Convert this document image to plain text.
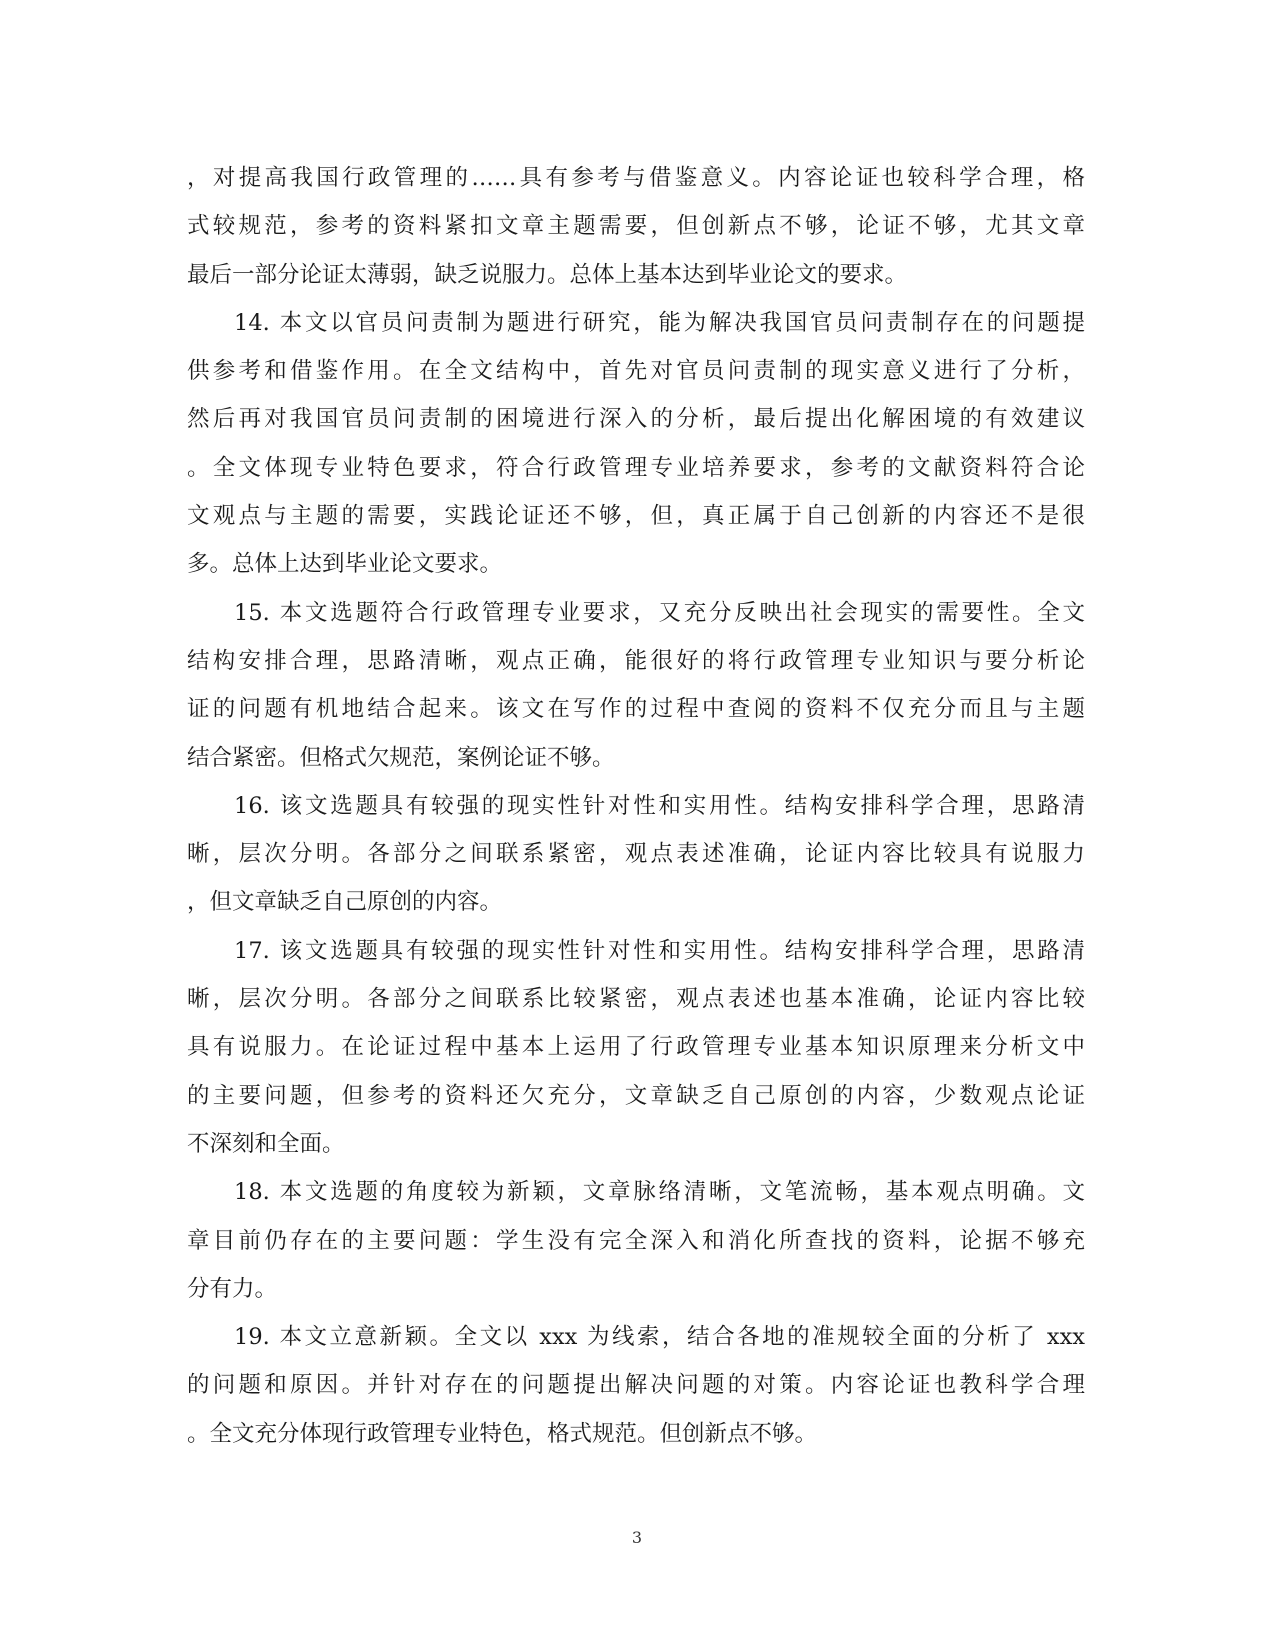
，对提高我国行政管理的……具有参考与借鉴意义。内容论证也较科学合理，格
式较规范，参考的资料紧扣文章主题需要，但创新点不够，论证不够，尤其文章
最后一部分论证太薄弱，缺乏说服力。总体上基本达到毕业论文的要求。
14. 本文以官员问责制为题进行研究，能为解决我国官员问责制存在的问题提
供参考和借鉴作用。在全文结构中，首先对官员问责制的现实意义进行了分析，
然后再对我国官员问责制的困境进行深入的分析，最后提出化解困境的有效建议
。全文体现专业特色要求，符合行政管理专业培养要求，参考的文献资料符合论
文观点与主题的需要，实践论证还不够，但，真正属于自己创新的内容还不是很
多。总体上达到毕业论文要求。
15. 本文选题符合行政管理专业要求，又充分反映出社会现实的需要性。全文
结构安排合理，思路清晰，观点正确，能很好的将行政管理专业知识与要分析论
证的问题有机地结合起来。该文在写作的过程中查阅的资料不仅充分而且与主题
结合紧密。但格式欠规范，案例论证不够。
16. 该文选题具有较强的现实性针对性和实用性。结构安排科学合理，思路清
晰，层次分明。各部分之间联系紧密，观点表述准确，论证内容比较具有说服力
，但文章缺乏自己原创的内容。
17. 该文选题具有较强的现实性针对性和实用性。结构安排科学合理，思路清
晰，层次分明。各部分之间联系比较紧密，观点表述也基本准确，论证内容比较
具有说服力。在论证过程中基本上运用了行政管理专业基本知识原理来分析文中
的主要问题，但参考的资料还欠充分，文章缺乏自己原创的内容，少数观点论证
不深刻和全面。
18. 本文选题的角度较为新颖，文章脉络清晰，文笔流畅，基本观点明确。文
章目前仍存在的主要问题：学生没有完全深入和消化所查找的资料，论据不够充
分有力。
19. 本文立意新颖。全文以 xxx 为线索，结合各地的准规较全面的分析了 xxx
的问题和原因。并针对存在的问题提出解决问题的对策。内容论证也教科学合理
。全文充分体现行政管理专业特色，格式规范。但创新点不够。
3
